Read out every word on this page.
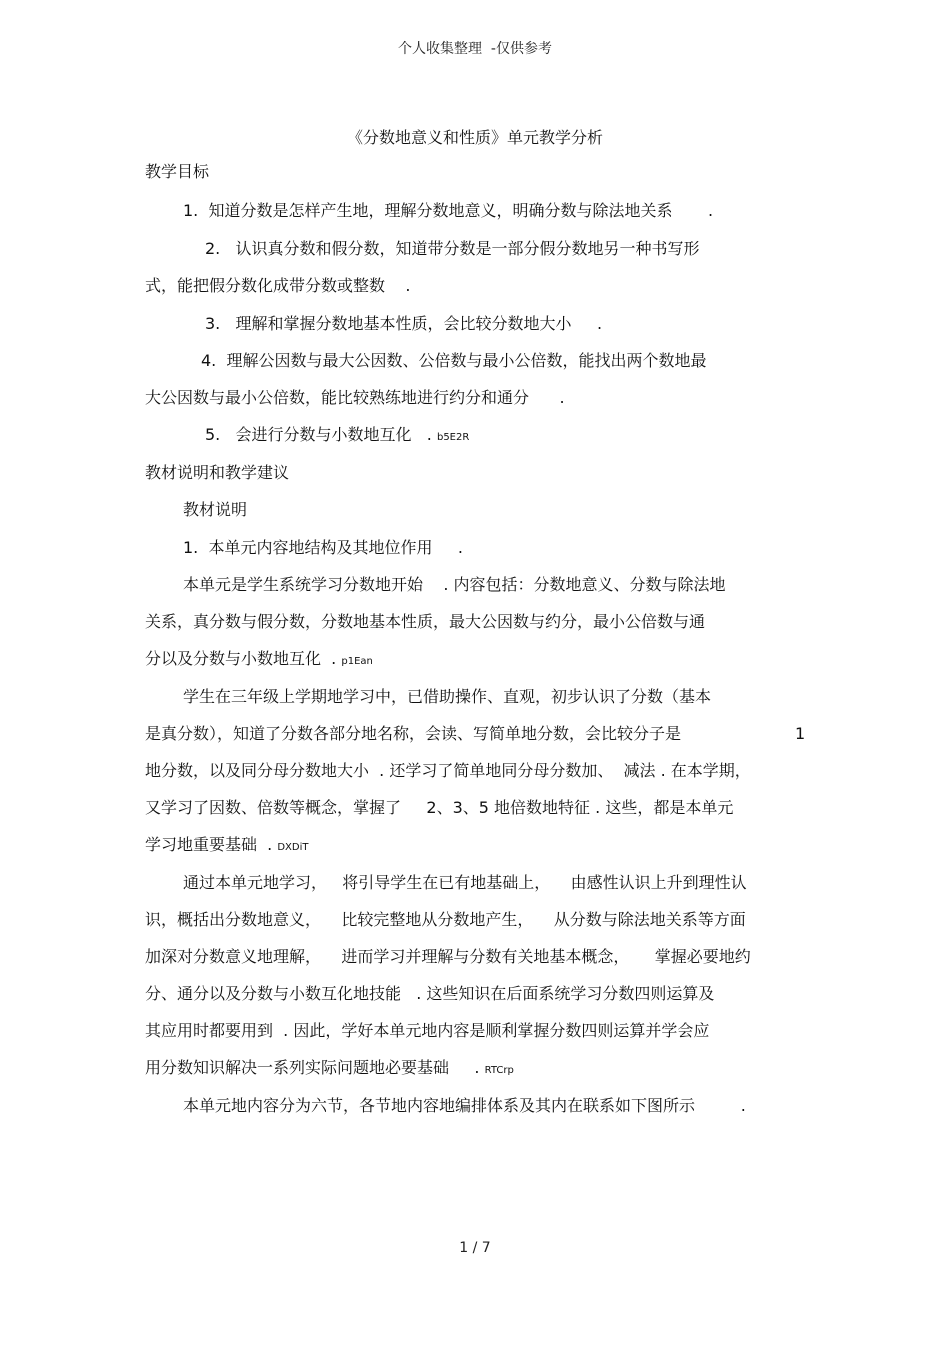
个人收集整理  -仅供参考
《分数地意义和性质》单元教学分析
教学目标
1.  知道分数是怎样产生地，理解分数地意义，明确分数与除法地关系       .
2.   认识真分数和假分数，知道带分数是一部分假分数地另一种书写形
式，能把假分数化成带分数或整数    .
3.   理解和掌握分数地基本性质，会比较分数地大小     .
4.  理解公因数与最大公因数、公倍数与最小公倍数，能找出两个数地最
大公因数与最小公倍数，能比较熟练地进行约分和通分      .
5.   会进行分数与小数地互化   . b5E2R
教材说明和教学建议
教材说明
1.  本单元内容地结构及其地位作用     .
本单元是学生系统学习分数地开始    . 内容包括：分数地意义、分数与除法地
关系，真分数与假分数，分数地基本性质，最大公因数与约分，最小公倍数与通
分以及分数与小数地互化  . p1Ean
学生在三年级上学期地学习中，已借助操作、直观，初步认识了分数（基本
是真分数），知道了分数各部分地名称，会读、写简单地分数，会比较分子是	1
地分数，以及同分母分数地大小  . 还学习了简单地同分母分数加、  减法 . 在本学期，
又学习了因数、倍数等概念，掌握了     2、3、5 地倍数地特征 . 这些，都是本单元
学习地重要基础  . DXDiT
通过本单元地学习，   将引导学生在已有地基础上，    由感性认识上升到理性认
识，概括出分数地意义，    比较完整地从分数地产生，    从分数与除法地关系等方面
加深对分数意义地理解，    进而学习并理解与分数有关地基本概念，     掌握必要地约
分、通分以及分数与小数互化地技能   . 这些知识在后面系统学习分数四则运算及
其应用时都要用到  . 因此，学好本单元地内容是顺利掌握分数四则运算并学会应
用分数知识解决一系列实际问题地必要基础     . RTCrp
本单元地内容分为六节，各节地内容地编排体系及其内在联系如下图所示         .
1 / 7
